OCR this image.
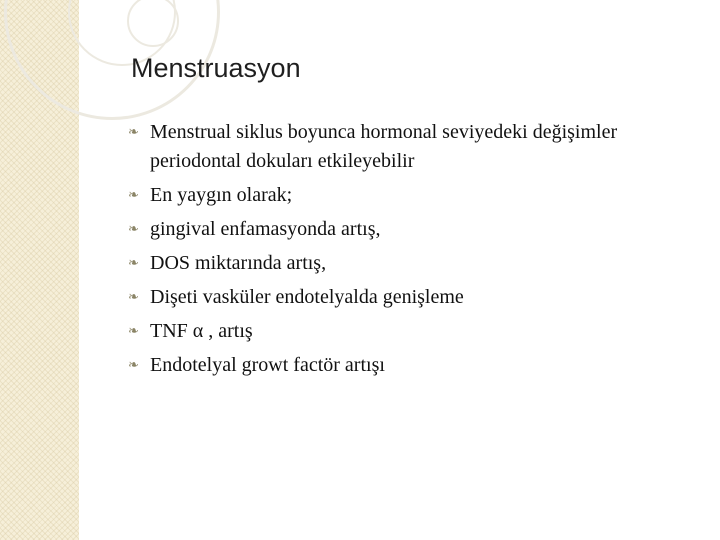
Menstruasyon
❧ Menstrual siklus boyunca hormonal seviyedeki değişimler periodontal dokuları etkileyebilir
❧ En yaygın olarak;
❧ gingival enfamasyonda artış,
❧ DOS miktarında artış,
❧ Dişeti vasküler endotelyalda genişleme
❧ TNF α , artış
❧ Endotelyal growt factör artışı
